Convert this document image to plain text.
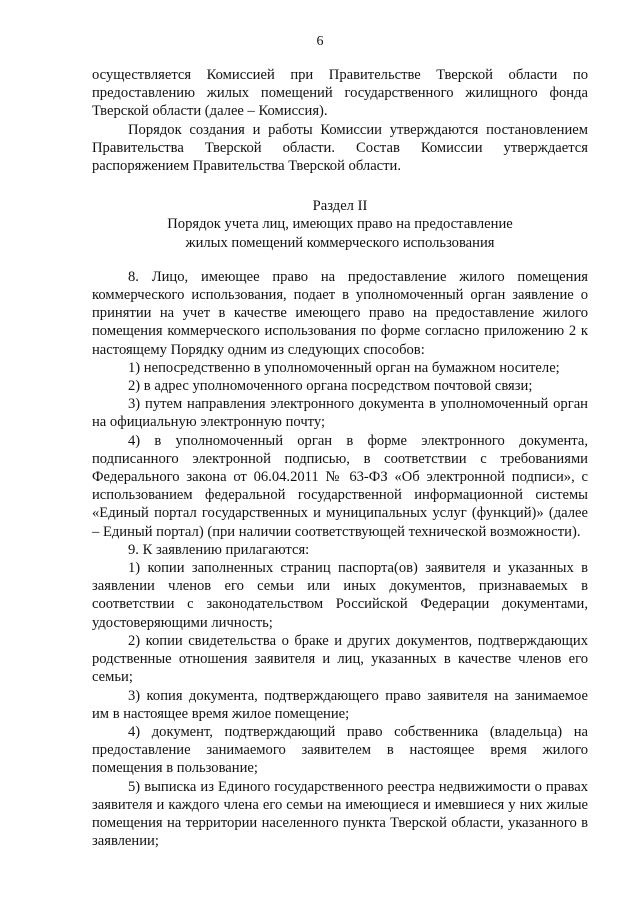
6

осуществляется Комиссией при Правительстве Тверской области по предоставлению жилых помещений государственного жилищного фонда Тверской области (далее – Комиссия).

Порядок создания и работы Комиссии утверждаются постановлением Правительства Тверской области. Состав Комиссии утверждается распоряжением Правительства Тверской области.

Раздел II

Порядок учета лиц, имеющих право на предоставление

жилых помещений коммерческого использования

8. Лицо, имеющее право на предоставление жилого помещения коммерческого использования, подает в уполномоченный орган заявление о принятии на учет в качестве имеющего право на предоставление жилого помещения коммерческого использования по форме согласно приложению 2 к настоящему Порядку одним из следующих способов:

1) непосредственно в уполномоченный орган на бумажном носителе;

2) в адрес уполномоченного органа посредством почтовой связи;

3) путем направления электронного документа в уполномоченный орган на официальную электронную почту;

4) в уполномоченный орган в форме электронного документа, подписанного электронной подписью, в соответствии с требованиями Федерального закона от 06.04.2011 № 63-ФЗ «Об электронной подписи», с использованием федеральной государственной информационной системы «Единый портал государственных и муниципальных услуг (функций)» (далее – Единый портал) (при наличии соответствующей технической возможности).

9. К заявлению прилагаются:

1) копии заполненных страниц паспорта(ов) заявителя и указанных в заявлении членов его семьи или иных документов, признаваемых в соответствии с законодательством Российской Федерации документами, удостоверяющими личность;

2) копии свидетельства о браке и других документов, подтверждающих родственные отношения заявителя и лиц, указанных в качестве членов его семьи;

3) копия документа, подтверждающего право заявителя на занимаемое им в настоящее время жилое помещение;

4) документ, подтверждающий право собственника (владельца) на предоставление занимаемого заявителем в настоящее время жилого помещения в пользование;

5) выписка из Единого государственного реестра недвижимости о правах заявителя и каждого члена его семьи на имеющиеся и имевшиеся у них жилые помещения на территории населенного пункта Тверской области, указанного в заявлении;
